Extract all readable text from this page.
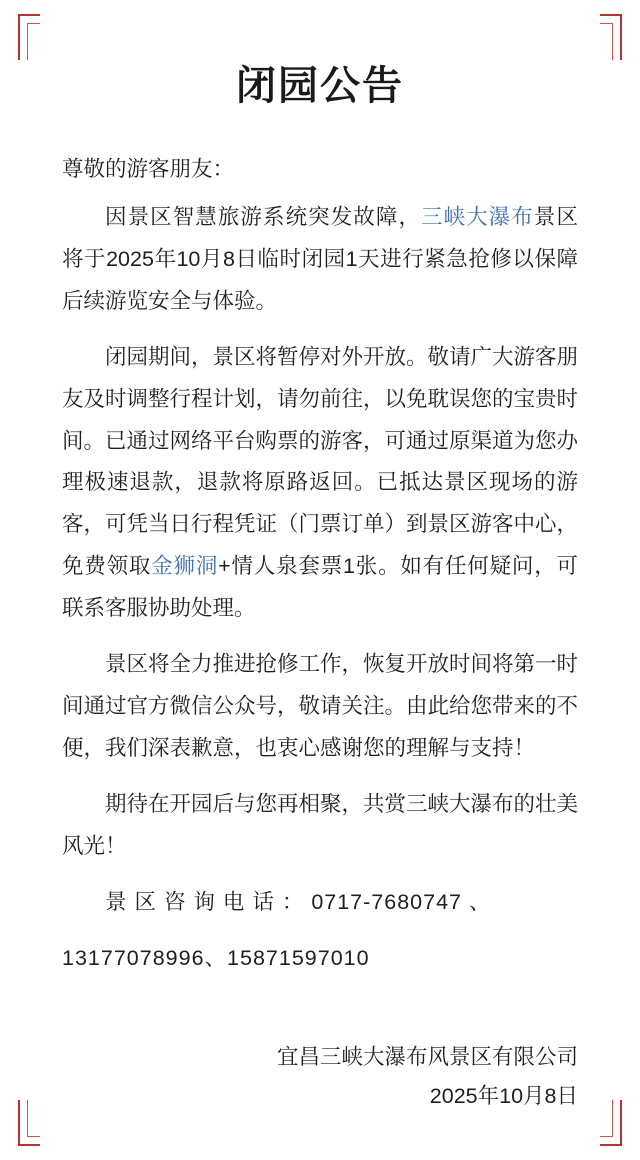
闭园公告
尊敬的游客朋友：

因景区智慧旅游系统突发故障，三峡大瀑布景区将于2025年10月8日临时闭园1天进行紧急抢修以保障后续游览安全与体验。

闭园期间，景区将暂停对外开放。敬请广大游客朋友及时调整行程计划，请勿前往，以免耽误您的宝贵时间。已通过网络平台购票的游客，可通过原渠道为您办理极速退款，退款将原路返回。已抵达景区现场的游客，可凭当日行程凭证（门票订单）到景区游客中心，免费领取金狮洞+情人泉套票1张。如有任何疑问，可联系客服协助处理。

景区将全力推进抢修工作，恢复开放时间将第一时间通过官方微信公众号，敬请关注。由此给您带来的不便，我们深表歉意，也衷心感谢您的理解与支持！

期待在开园后与您再相聚，共赏三峡大瀑布的壮美风光！

景 区 咨 询 电 话 ： 0717-7680747 、
13177078996、15871597010
宜昌三峡大瀑布风景区有限公司
2025年10月8日
